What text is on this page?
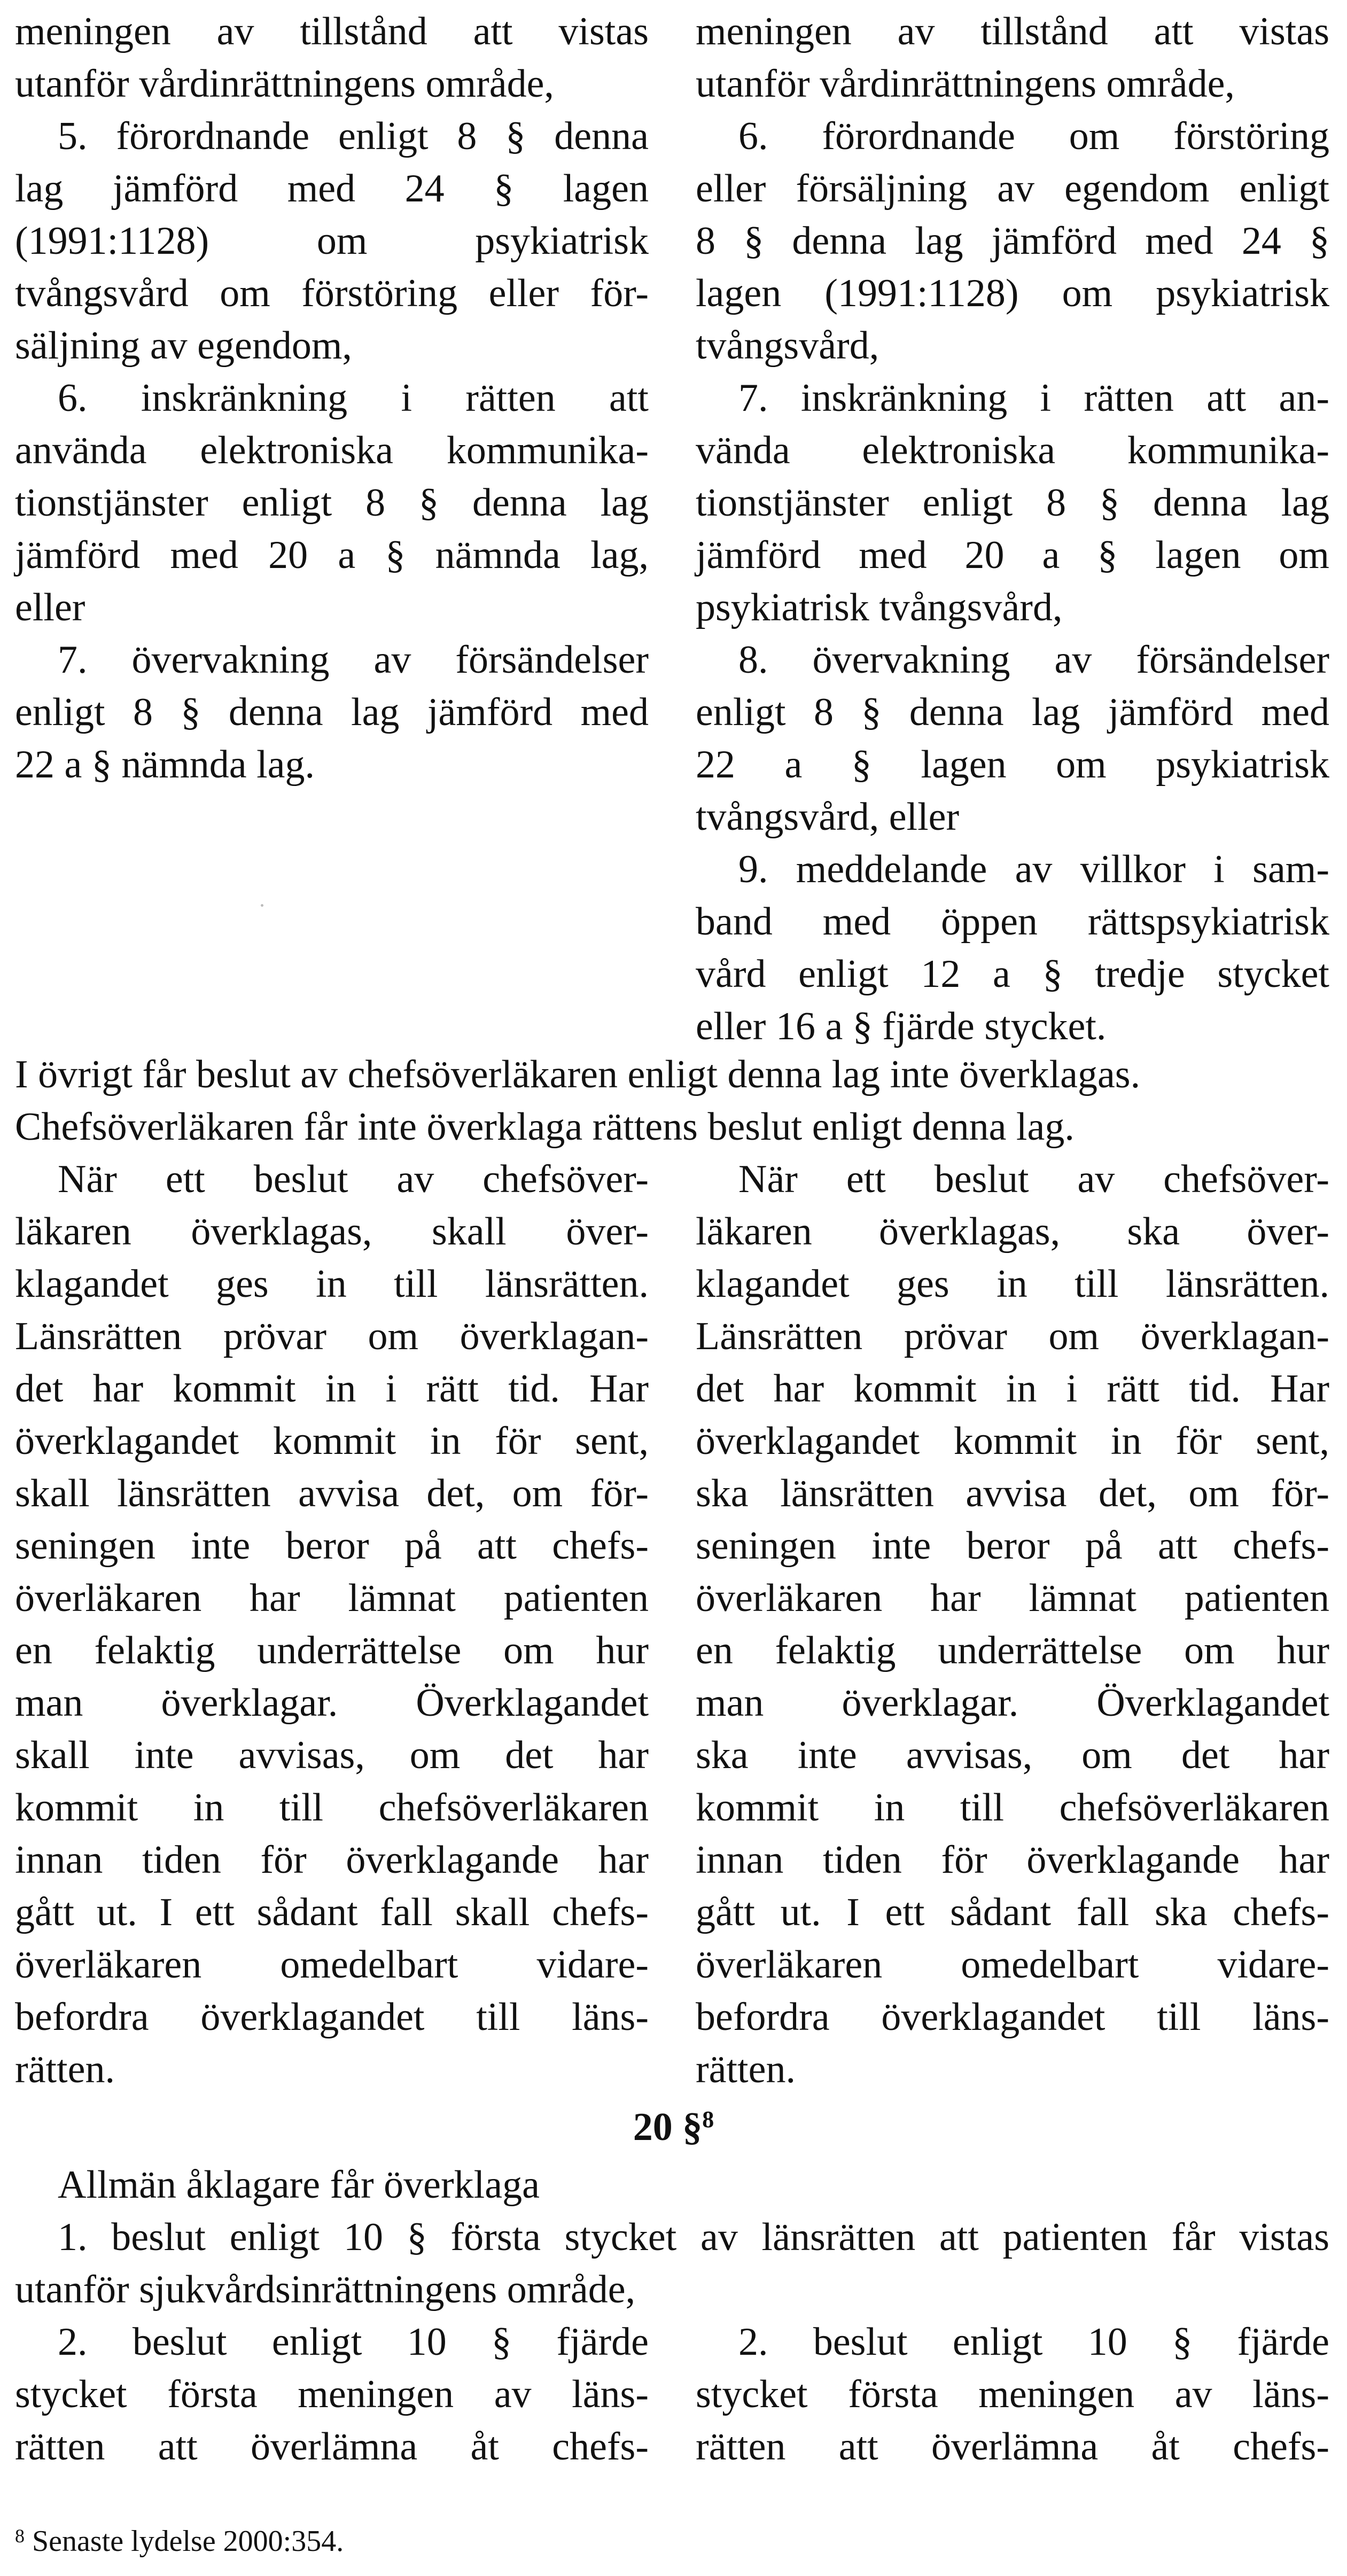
meningen av tillstånd att vistas
utanför vårdinrättningens område,
5. förordnande enligt 8 § denna
lag jämförd med 24 § lagen
(1991:1128) om psykiatrisk
tvångsvård om förstöring eller för-
säljning av egendom,
6. inskränkning i rätten att
använda elektroniska kommunika-
tionstjänster enligt 8 § denna lag
jämförd med 20 a § nämnda lag,
eller
7. övervakning av försändelser
enligt 8 § denna lag jämförd med
22 a § nämnda lag.
meningen av tillstånd att vistas
utanför vårdinrättningens område,
6. förordnande om förstöring
eller försäljning av egendom enligt
8 § denna lag jämförd med 24 §
lagen (1991:1128) om psykiatrisk
tvångsvård,
7. inskränkning i rätten att an-
vända elektroniska kommunika-
tionstjänster enligt 8 § denna lag
jämförd med 20 a § lagen om
psykiatrisk tvångsvård,
8. övervakning av försändelser
enligt 8 § denna lag jämförd med
22 a § lagen om psykiatrisk
tvångsvård, eller
9. meddelande av villkor i sam-
band med öppen rättspsykiatrisk
vård enligt 12 a § tredje stycket
eller 16 a § fjärde stycket.
I övrigt får beslut av chefsöverläkaren enligt denna lag inte överklagas.
Chefsöverläkaren får inte överklaga rättens beslut enligt denna lag.
När ett beslut av chefsöver-
läkaren överklagas, skall över-
klagandet ges in till länsrätten.
Länsrätten prövar om överklagan-
det har kommit in i rätt tid. Har
överklagandet kommit in för sent,
skall länsrätten avvisa det, om för-
seningen inte beror på att chefs-
överläkaren har lämnat patienten
en felaktig underrättelse om hur
man överklagar. Överklagandet
skall inte avvisas, om det har
kommit in till chefsöverläkaren
innan tiden för överklagande har
gått ut. I ett sådant fall skall chefs-
överläkaren omedelbart vidare-
befordra överklagandet till läns-
rätten.
När ett beslut av chefsöver-
läkaren överklagas, ska över-
klagandet ges in till länsrätten.
Länsrätten prövar om överklagan-
det har kommit in i rätt tid. Har
överklagandet kommit in för sent,
ska länsrätten avvisa det, om för-
seningen inte beror på att chefs-
överläkaren har lämnat patienten
en felaktig underrättelse om hur
man överklagar. Överklagandet
ska inte avvisas, om det har
kommit in till chefsöverläkaren
innan tiden för överklagande har
gått ut. I ett sådant fall ska chefs-
överläkaren omedelbart vidare-
befordra överklagandet till läns-
rätten.
20 §$^8$
Allmän åklagare får överklaga
1. beslut enligt 10 § första stycket av länsrätten att patienten får vistas
utanför sjukvårdsinrättningens område,
2. beslut enligt 10 § fjärde
stycket första meningen av läns-
rätten att överlämna åt chefs-
2. beslut enligt 10 § fjärde
stycket första meningen av läns-
rätten att överlämna åt chefs-
$^8$ Senaste lydelse 2000:354.
